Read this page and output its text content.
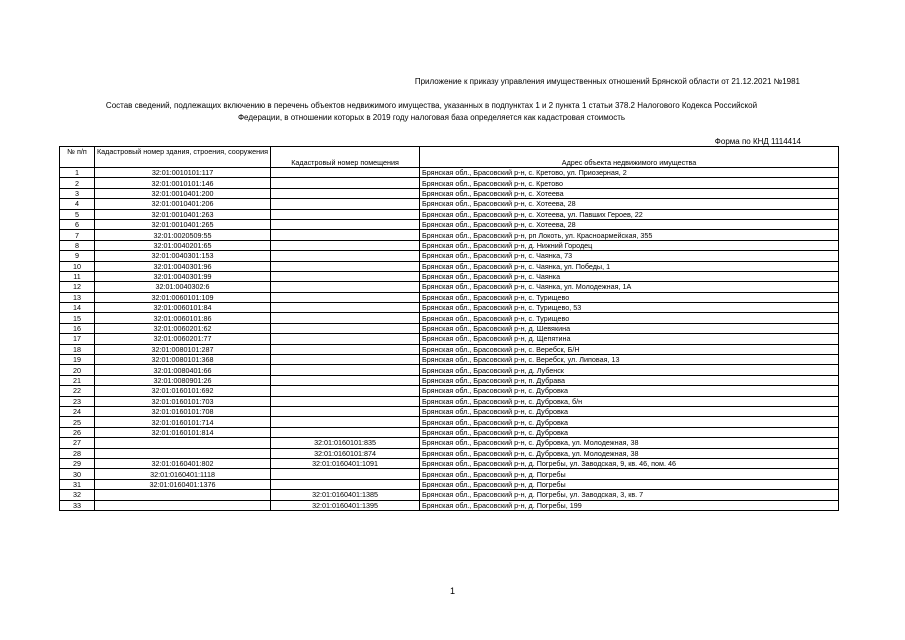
Приложение к приказу управления имущественных отношений Брянской области от 21.12.2021 №1981
Состав сведений, подлежащих включению в перечень объектов недвижимого имущества, указанных в подпунктах 1 и 2 пункта 1 статьи 378.2 Налогового Кодекса Российской
Федерации, в отношении которых в 2019 году налоговая база определяется как кадастровая стоимость
Форма по КНД 1114414
№ п/п	Кадастровый номер здания, строения, сооружения	Кадастровый номер помещения	Адрес объекта недвижимого имущества
1	32:01:0010101:117		Брянская обл., Брасовский р-н, с. Кретово, ул. Приозерная, 2
2	32:01:0010101:146		Брянская обл., Брасовский р-н, с. Кретово
3	32:01:0010401:200		Брянская обл., Брасовский р-н, с. Хотеева
4	32:01:0010401:206		Брянская обл., Брасовский р-н, с. Хотеева, 28
5	32:01:0010401:263		Брянская обл., Брасовский р-н, с. Хотеева, ул. Павших Героев, 22
6	32:01:0010401:265		Брянская обл., Брасовский р-н, с. Хотеева, 28
7	32:01:0020509:55		Брянская обл., Брасовский р-н, рп Локоть, ул. Красноармейская, 355
8	32:01:0040201:65		Брянская обл., Брасовский р-н, д. Нижний Городец
9	32:01:0040301:153		Брянская обл., Брасовский р-н, с. Чаянка, 73
10	32:01:0040301:96		Брянская обл., Брасовский р-н, с. Чаянка, ул. Победы, 1
11	32:01:0040301:99		Брянская обл., Брасовский р-н, с. Чаянка
12	32:01:0040302:6		Брянская обл., Брасовский р-н, с. Чаянка, ул. Молодежная, 1А
13	32:01:0060101:109		Брянская обл., Брасовский р-н, с. Турищево
14	32:01:0060101:84		Брянская обл., Брасовский р-н, с. Турищево, 53
15	32:01:0060101:86		Брянская обл., Брасовский р-н, с. Турищево
16	32:01:0060201:62		Брянская обл., Брасовский р-н, д. Шевякина
17	32:01:0060201:77		Брянская обл., Брасовский р-н, д. Щепятина
18	32:01:0080101:287		Брянская обл., Брасовский р-н, с. Веребск, Б/Н
19	32:01:0080101:368		Брянская обл., Брасовский р-н, с. Веребск, ул. Липовая, 13
20	32:01:0080401:66		Брянская обл., Брасовский р-н, д. Лубенск
21	32:01:0080901:26		Брянская обл., Брасовский р-н, п. Дубрава
22	32:01:0160101:692		Брянская обл., Брасовский р-н, с. Дубровка
23	32:01:0160101:703		Брянская обл., Брасовский р-н, с. Дубровка, б/н
24	32:01:0160101:708		Брянская обл., Брасовский р-н, с. Дубровка
25	32:01:0160101:714		Брянская обл., Брасовский р-н, с. Дубровка
26	32:01:0160101:814		Брянская обл., Брасовский р-н, с. Дубровка
27		32:01:0160101:835	Брянская обл., Брасовский р-н, с. Дубровка, ул. Молодежная, 38
28		32:01:0160101:874	Брянская обл., Брасовский р-н, с. Дубровка, ул. Молодежная, 38
29	32:01:0160401:802	32:01:0160401:1091	Брянская обл., Брасовский р-н, д. Погребы, ул. Заводская, 9, кв. 46, пом. 46
30	32:01:0160401:1118		Брянская обл., Брасовский р-н, д. Погребы
31	32:01:0160401:1376		Брянская обл., Брасовский р-н, д. Погребы
32		32:01:0160401:1385	Брянская обл., Брасовский р-н, д. Погребы, ул. Заводская, 3, кв. 7
33		32:01:0160401:1395	Брянская обл., Брасовский р-н, д. Погребы, 199
1
